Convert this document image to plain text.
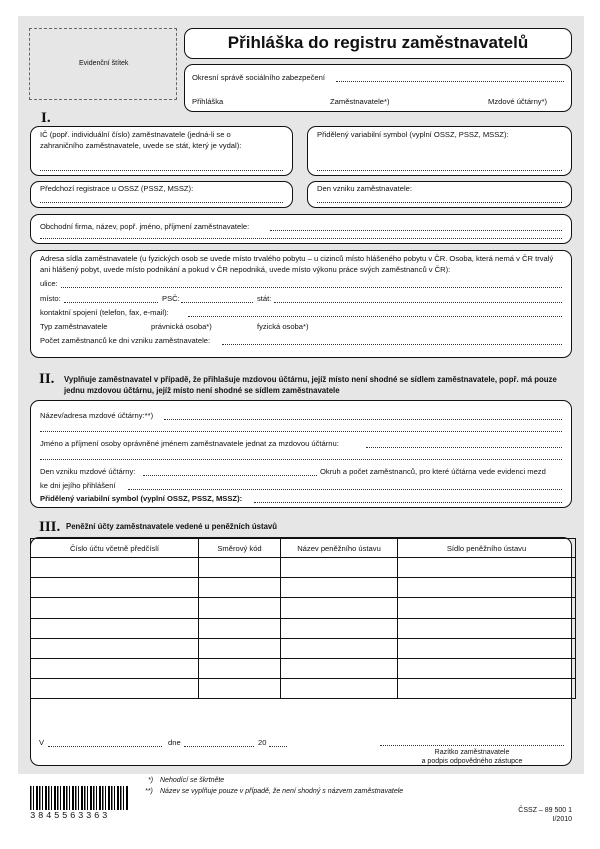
Evidenční štítek
Přihláška do registru zaměstnavatelů
Okresní správě sociálního zabezpečení
Přihláška	Zaměstnavatele*)	Mzdové účtárny*)
I.
IČ (popř. individuální číslo) zaměstnavatele (jedná-li se o zahraničního zaměstnavatele, uvede se stát, který je vydal):
Přidělený variabilní symbol (vyplní OSSZ, PSSZ, MSSZ):
Předchozí registrace u OSSZ (PSSZ, MSSZ):	Den vzniku zaměstnavatele:
Obchodní firma, název, popř. jméno, příjmení zaměstnavatele:
Adresa sídla zaměstnavatele (u fyzických osob se uvede místo trvalého pobytu – u cizinců místo hlášeného pobytu v ČR. Osoba, která nemá v ČR trvalý ani hlášený pobyt, uvede místo podnikání a pokud v ČR nepodniká, uvede místo výkonu práce svých zaměstnanců v ČR):
ulice:
místo:	PSČ:	stát:
kontaktní spojení (telefon, fax, e-mail):
Typ zaměstnavatele	právnická osoba*)	fyzická osoba*)
Počet zaměstnanců ke dni vzniku zaměstnavatele:
II. Vyplňuje zaměstnavatel v případě, že přihlašuje mzdovou účtárnu, jejíž místo není shodné se sídlem zaměstnavatele, popř. má pouze jednu mzdovou účtárnu, jejíž místo není shodné se sídlem zaměstnavatele
Název/adresa mzdové účtárny:**)
Jméno a příjmení osoby oprávněné jménem zaměstnavatele jednat za mzdovou účtárnu:
Den vzniku mzdové účtárny:	Okruh a počet zaměstnanců, pro které účtárna vede evidenci mezd
ke dni jejího přihlášení
Přidělený variabilní symbol (vyplní OSSZ, PSSZ, MSSZ):
III. Peněžní účty zaměstnavatele vedené u peněžních ústavů
Číslo účtu včetně předčíslí	Směrový kód	Název peněžního ústavu	Sídlo peněžního ústavu

V	dne	20
Razítko zaměstnavatele
a podpis odpovědného zástupce
*) Nehodící se škrtněte
**) Název se vyplňuje pouze v případě, že není shodný s názvem zaměstnavatele
3845563363
ČSSZ – 89 500 1
I/2010
